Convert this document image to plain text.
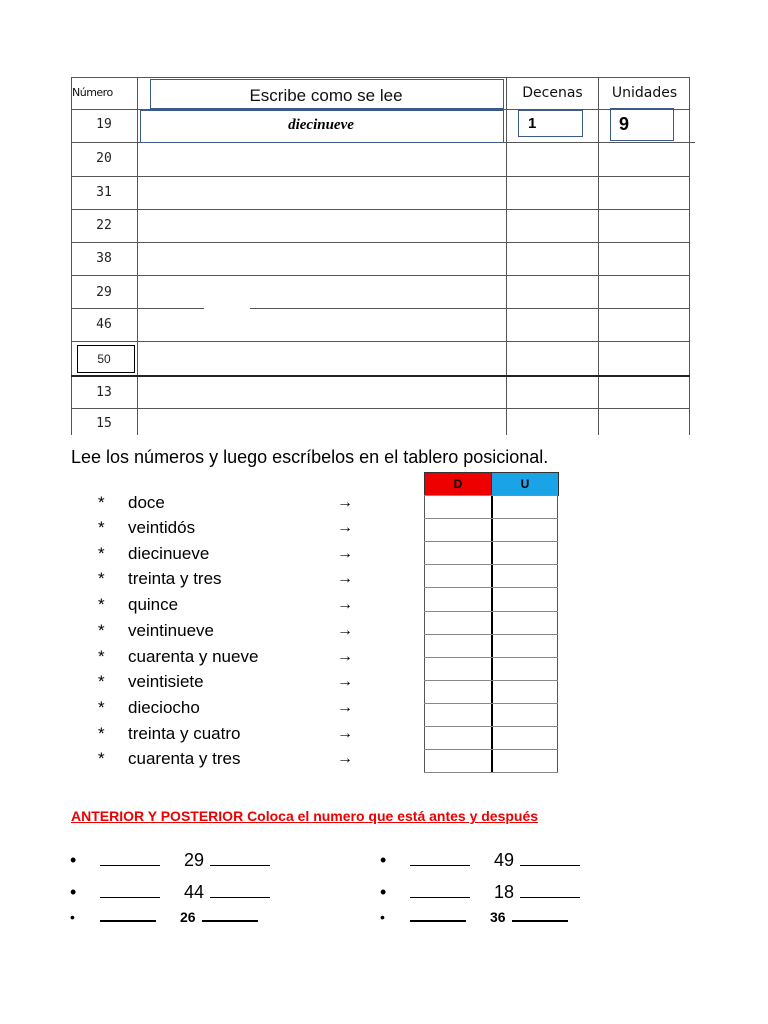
Número	Escribe como se lee	Decenas	Unidades
19	diecinueve	1	9
20
31
22
38
29
46
50
13
15
Lee los números y luego escríbelos en el tablero posicional.
* doce	→
* veintidós	→
* diecinueve	→
* treinta y tres	→
* quince	→
* veintinueve	→
* cuarenta y nueve	→
* veintisiete	→
* dieciocho	→
* treinta y cuatro	→
* cuarenta y tres	→
D	U
ANTERIOR Y POSTERIOR Coloca el numero que está antes y después
•	29	•	49
•	44	•	18
•	26	•	36
